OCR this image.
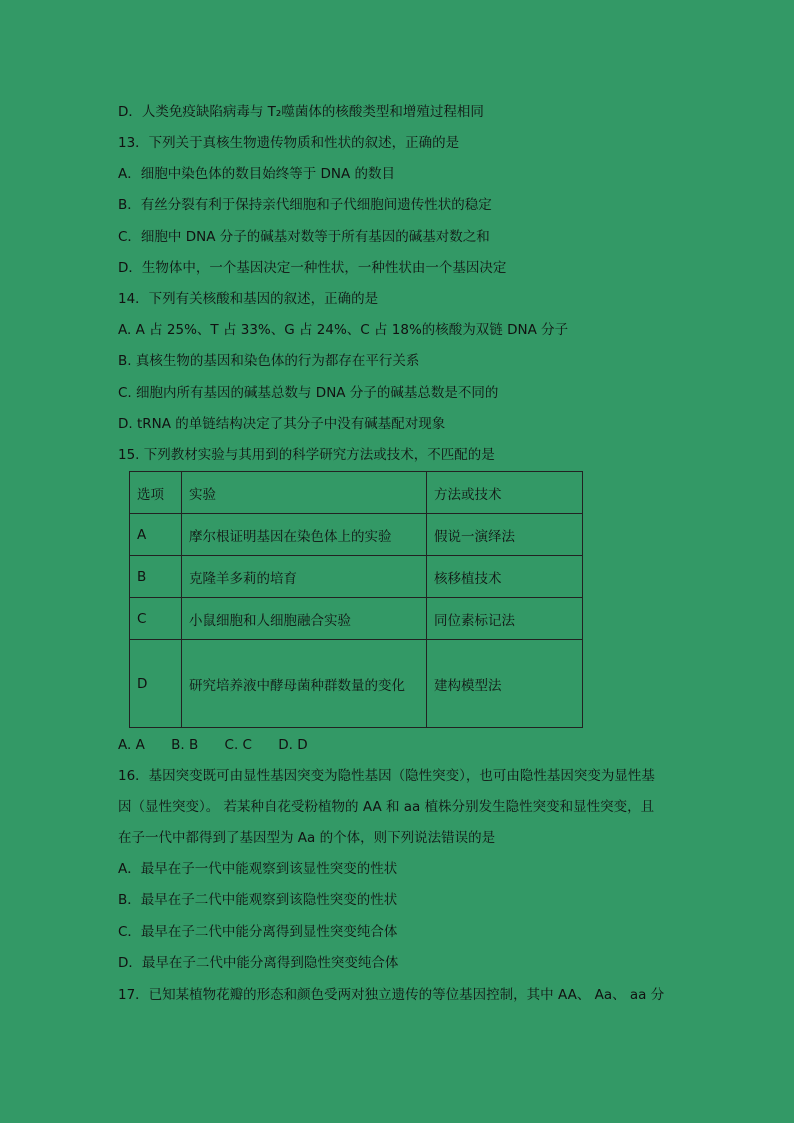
D．人类免疫缺陷病毒与 T₂噬菌体的核酸类型和增殖过程相同
13．下列关于真核生物遗传物质和性状的叙述，正确的是
A．细胞中染色体的数目始终等于 DNA 的数目
B．有丝分裂有利于保持亲代细胞和子代细胞间遗传性状的稳定
C．细胞中 DNA 分子的碱基对数等于所有基因的碱基对数之和
D．生物体中，一个基因决定一种性状，一种性状由一个基因决定
14．下列有关核酸和基因的叙述，正确的是
A. A 占 25%、T 占 33%、G 占 24%、C 占 18%的核酸为双链 DNA 分子
B. 真核生物的基因和染色体的行为都存在平行关系
C. 细胞内所有基因的碱基总数与 DNA 分子的碱基总数是不同的
D. tRNA 的单链结构决定了其分子中没有碱基配对现象
15. 下列教材实验与其用到的科学研究方法或技术，不匹配的是
选项	实验	方法或技术
A	摩尔根证明基因在染色体上的实验	假说一演绎法
B	克隆羊多莉的培育	核移植技术
C	小鼠细胞和人细胞融合实验	同位素标记法
D	研究培养液中酵母菌种群数量的变化	建构模型法
A. A B. B C. C D. D
16．基因突变既可由显性基因突变为隐性基因（隐性突变），也可由隐性基因突变为显性基
因（显性突变）。 若某种自花受粉植物的 AA 和 aa 植株分别发生隐性突变和显性突变，且
在子一代中都得到了基因型为 Aa 的个体，则下列说法错误的是
A．最早在子一代中能观察到该显性突变的性状
B．最早在子二代中能观察到该隐性突变的性状
C．最早在子二代中能分离得到显性突变纯合体
D．最早在子二代中能分离得到隐性突变纯合体
17．已知某植物花瓣的形态和颜色受两对独立遗传的等位基因控制，其中 AA、 Aa、 aa 分
